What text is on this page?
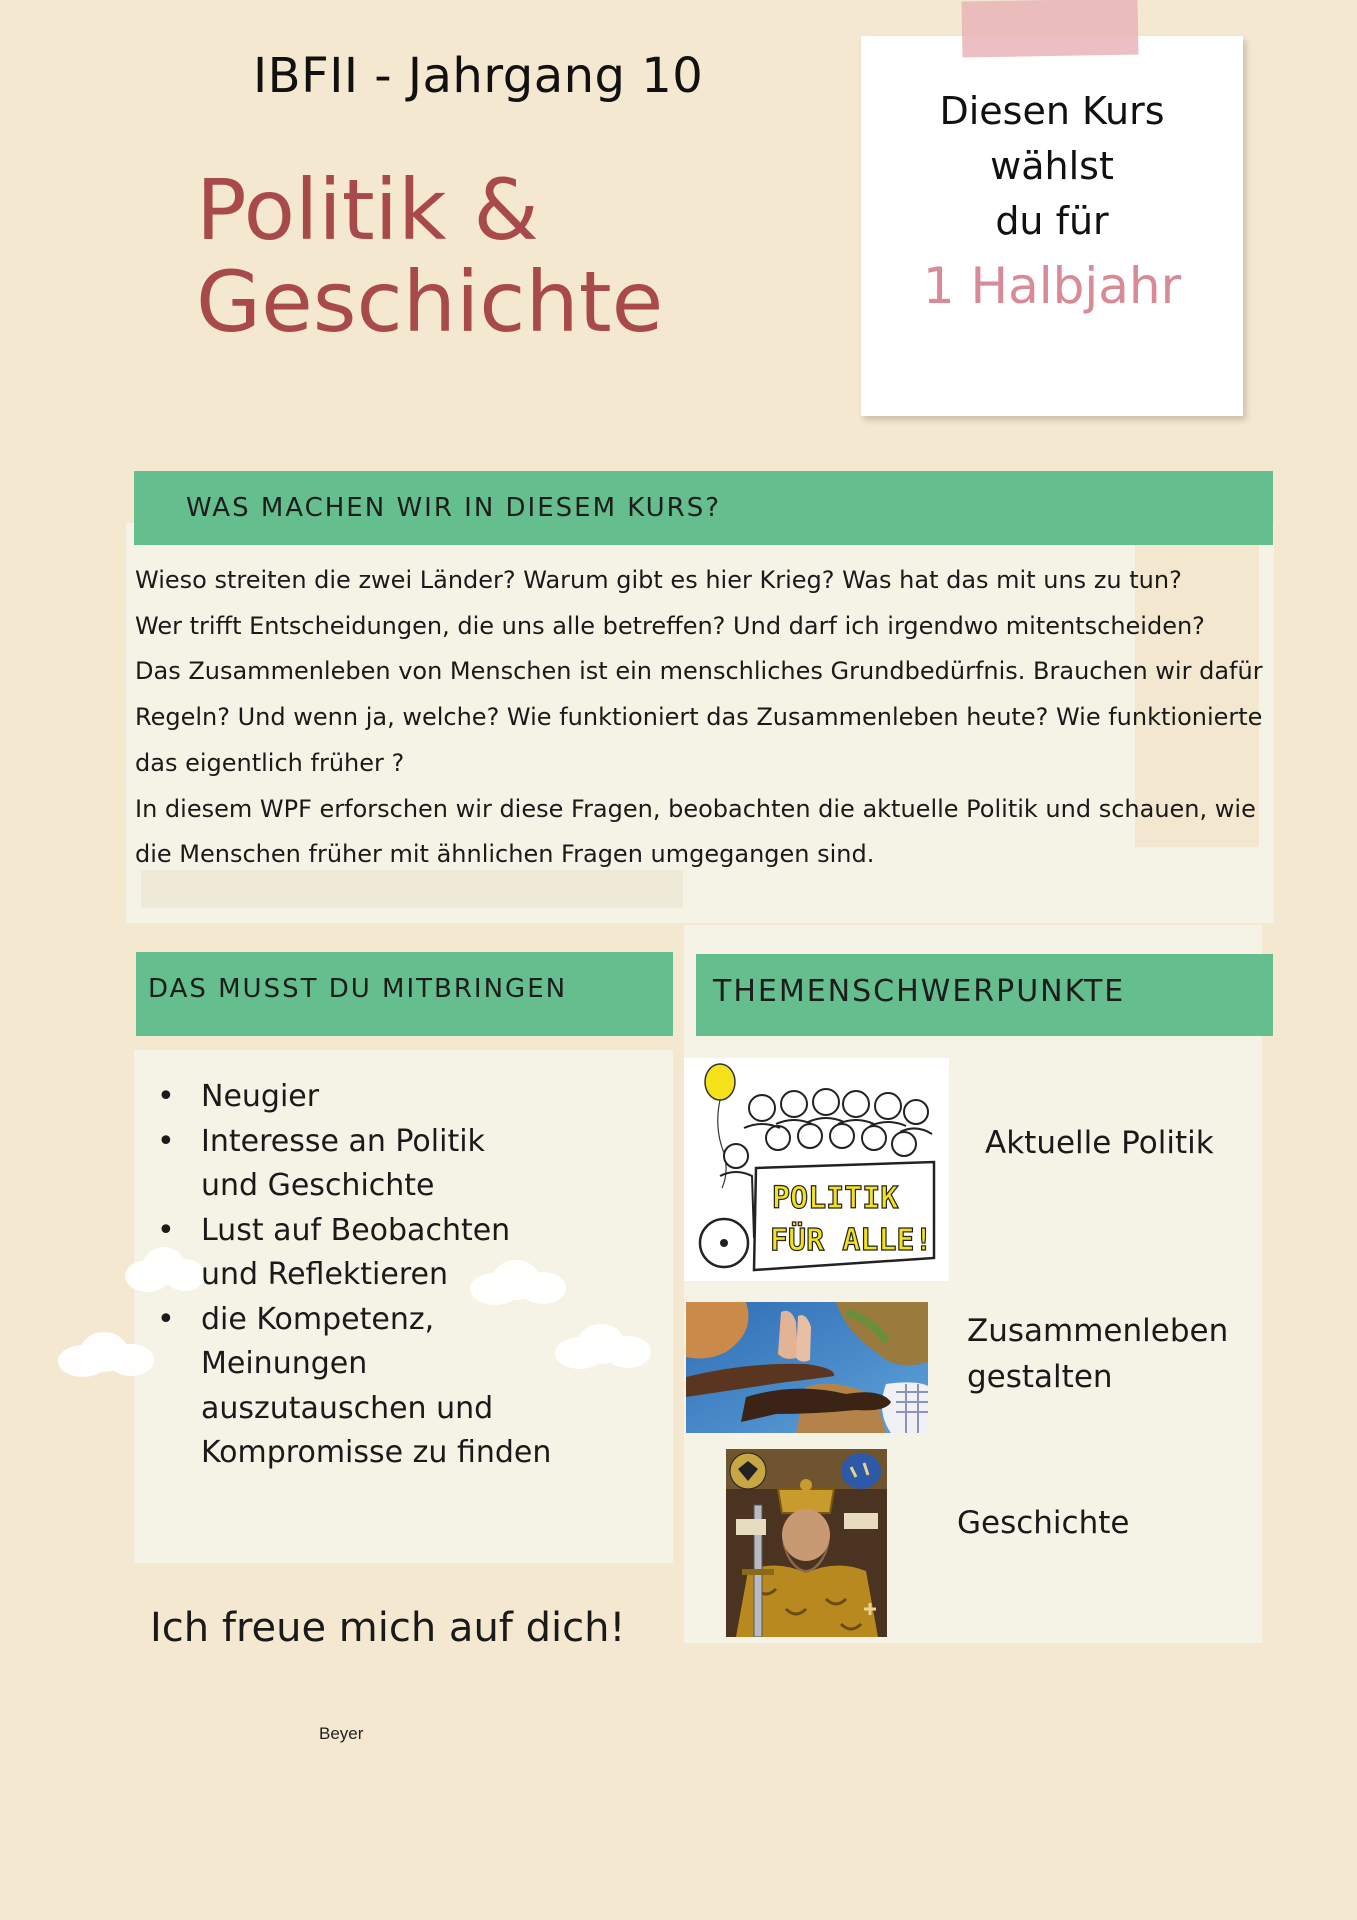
IBFII - Jahrgang 10
Politik &
Geschichte
Diesen Kurs
wählst
du für
1 Halbjahr
WAS MACHEN WIR IN DIESEM KURS?

Wieso streiten die zwei Länder? Warum gibt es hier Krieg? Was hat das mit uns zu tun?

Wer trifft Entscheidungen, die uns alle betreffen? Und darf ich irgendwo mitentscheiden?

Das Zusammenleben von Menschen ist ein menschliches Grundbedürfnis. Brauchen wir dafür

Regeln? Und wenn ja, welche? Wie funktioniert das Zusammenleben heute? Wie funktionierte

das eigentlich früher ?

In diesem WPF erforschen wir diese Fragen, beobachten die aktuelle Politik und schauen, wie

die Menschen früher mit ähnlichen Fragen umgegangen sind.

DAS MUSST DU MITBRINGEN
• Neugier
• Interesse an Politik und Geschichte
• Lust auf Beobachten und Reflektieren
• die Kompetenz, Meinungen auszutauschen und Kompromisse zu finden
THEMENSCHWERPUNKTE
POLITIK
FÜR ALLE!
Aktuelle Politik
Zusammenleben
gestalten
Geschichte
Ich freue mich auf dich!
Beyer
